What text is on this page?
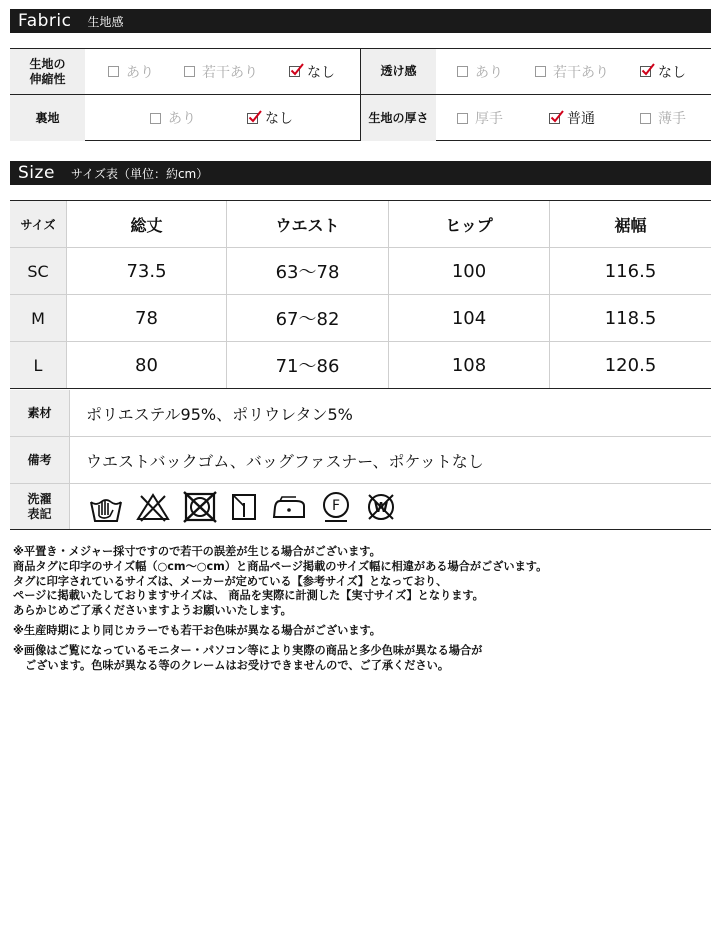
Fabric 生地感
生地の
伸縮性	あり	若干あり	なし	透け感	あり	若干あり	なし
裏地	あり	なし	生地の厚さ	厚手	普通	薄手
Size サイズ表（単位：約cm）
サイズ	総丈	ウエスト	ヒップ	裾幅
SC	73.5	63〜78	100	116.5
M	78	67〜82	104	118.5
L	80	71〜86	108	120.5
素材	ポリエステル95%、ポリウレタン5%
備考	ウエストバックゴム、バッグファスナー、ポケットなし
洗濯
表記	F	W

※平置き・メジャー採寸ですので若干の誤差が生じる場合がございます。

商品タグに印字のサイズ幅（○cm〜○cm）と商品ページ掲載のサイズ幅に相違がある場合がございます。

タグに印字されているサイズは、メーカーが定めている【参考サイズ】となっており、

ページに掲載いたしておりますサイズは、 商品を実際に計測した【実寸サイズ】となります。

あらかじめご了承くださいますようお願いいたします。

※生産時期により同じカラーでも若干お色味が異なる場合がございます。

※画像はご覧になっているモニター・パソコン等により実際の商品と多少色味が異なる場合が

ございます。色味が異なる等のクレームはお受けできませんので、ご了承ください。
